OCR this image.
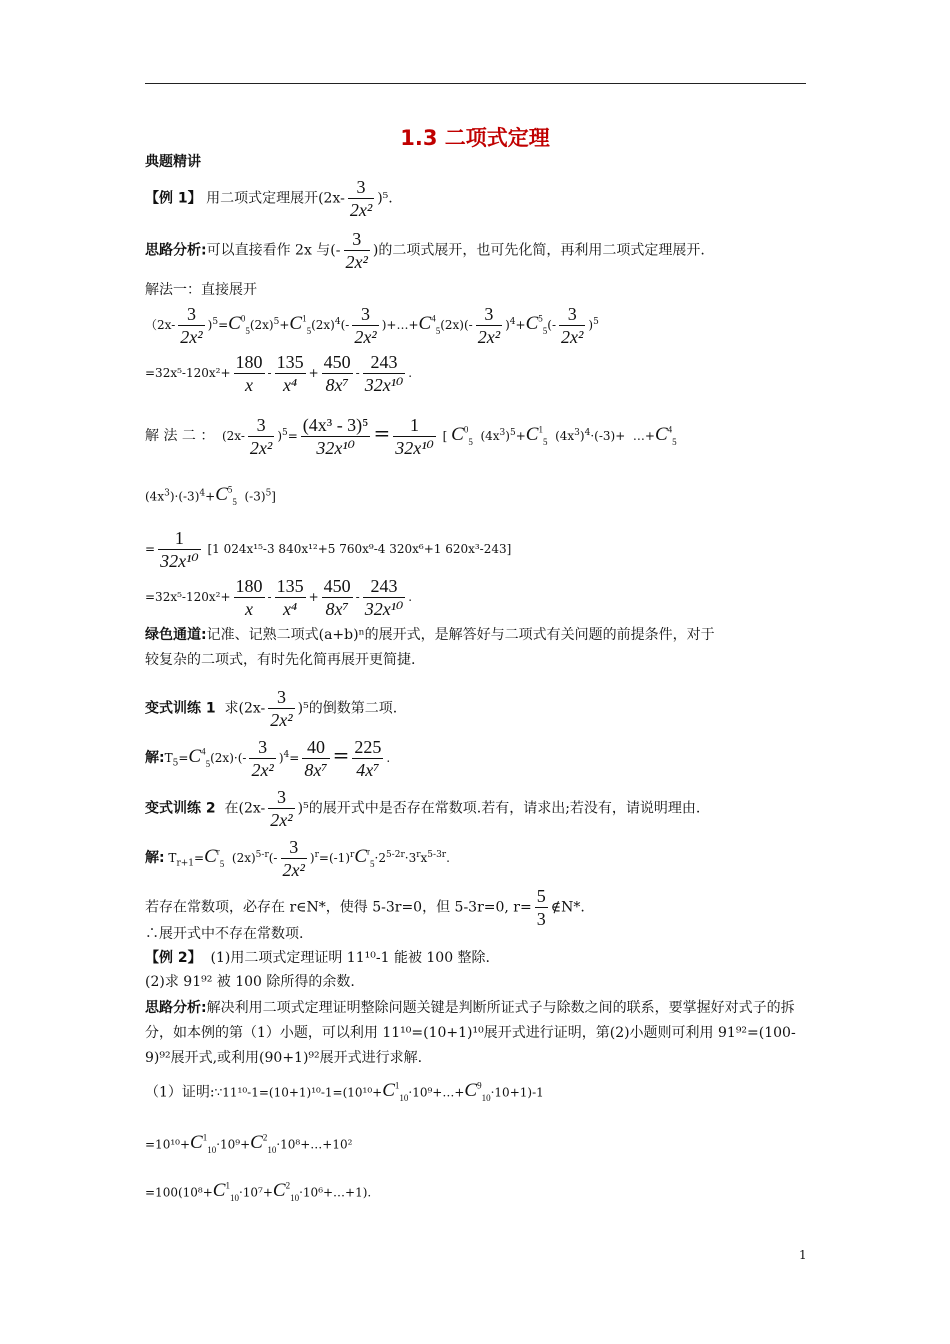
1.3 二项式定理
典题精讲
【例 1】 用二项式定理展开$(2x- \frac{3}{\text{2x²}} )^5$.
思路分析:可以直接看作 2x 与(- $\frac{3}{\text{2x²}}$ )的二项式展开，也可先化简，再利用二项式定理展开.
解法一：直接展开
$(2x- \frac{3}{\text{2x²}} )^5=C^0_5(2x)^5+C^1_5(2x)^4(- \frac{3}{\text{2x²}}$ )$+\dots+C^4_5(2x)(- \frac{3}{\text{2x²}} )^4+C^5_5(- \frac{3}{\text{2x²}} )^5$
$=32x^5-120x^2+ \frac{180}{x} - \frac{135}{\text{x⁴}} + \frac{450}{\text{8x⁷}} - \frac{243}{\text{32x¹⁰}}$ .
解 法 二 ：  $(2x- \frac{3}{\text{2x²}} )^5= \frac{\text{(4x³ - 3)⁵}}{\text{32x¹⁰}} = \frac{1}{\text{32x¹⁰}}$ [ $C^0_5$  $(4x^3)^5+C^1_5$  $(4x^3)^4\cdot(-3)+$  $\dots+C^4_5$
$(4x^3)\cdot(-3)^4+C^5_5$  $(-3)^5$]
= $\frac{1}{\text{32x¹⁰}} [1$ 024x¹⁵-3 840x¹²+5 760x⁹-4 320x⁶+1 620x³-243]
$=32x^5-120x^2+ \frac{180}{x} - \frac{135}{\text{x⁴}} + \frac{450}{\text{8x⁷}} - \frac{243}{\text{32x¹⁰}}$ .
绿色通道:记准、记熟二项式(a+b)ⁿ的展开式，是解答好与二项式有关问题的前提条件，对于
较复杂的二项式，有时先化简再展开更简捷.
变式训练 1 求$(2x- \frac{3}{\text{2x²}} )^5$的倒数第二项.
解$:T_5=C^4_5(2x)\cdot(- \frac{3}{\text{2x²}} )^4= \frac{40}{\text{8x⁷}} = \frac{225}{\text{4x⁷}}$ .
变式训练 2 在$(2x- \frac{3}{\text{2x²}} )^5$的展开式中是否存在常数项.若有，请求出;若没有，请说明理由.
解: $T_{r+1}=C^r_5$  $(2x)^{5-r}(- \frac{3}{\text{2x²}} )^r=(-1)^rC^r_5\cdot 2^{5-2r}\cdot 3^rx^{5-3r}$.
若存在常数项，必存在 r∈N*，使得 5-3r=0，但 5-3r=0, $r= \frac{5}{3}$ ∉N*.
∴展开式中不存在常数项.
【例 2】 (1)用二项式定理证明 11¹⁰-1 能被 100 整除.
(2)求 91⁹² 被 100 除所得的余数.
思路分析:解决利用二项式定理证明整除问题关键是判断所证式子与除数之间的联系，要掌握好对式子的拆分，如本例的第（1）小题，可以利用 11¹⁰=(10+1)¹⁰展开式进行证明，第(2)小题则可利用 91⁹²=(100-9)⁹²展开式,或利用(90+1)⁹²展开式进行求解.
（1）证明$:\because 11^{10}-1=(10+1)^{10}-1=(10^{10}+C^1_{10}\cdot 10^9+\dots+C^9_{10}\cdot 10+1)-1$
$=10^{10}+C^1_{10}\cdot 10^9+C^2_{10}\cdot 10^8+\dots+10^2$
$=100(10^8+C^1_{10}\cdot 10^7+C^2_{10}\cdot 10^6+\dots+1)$.
1
